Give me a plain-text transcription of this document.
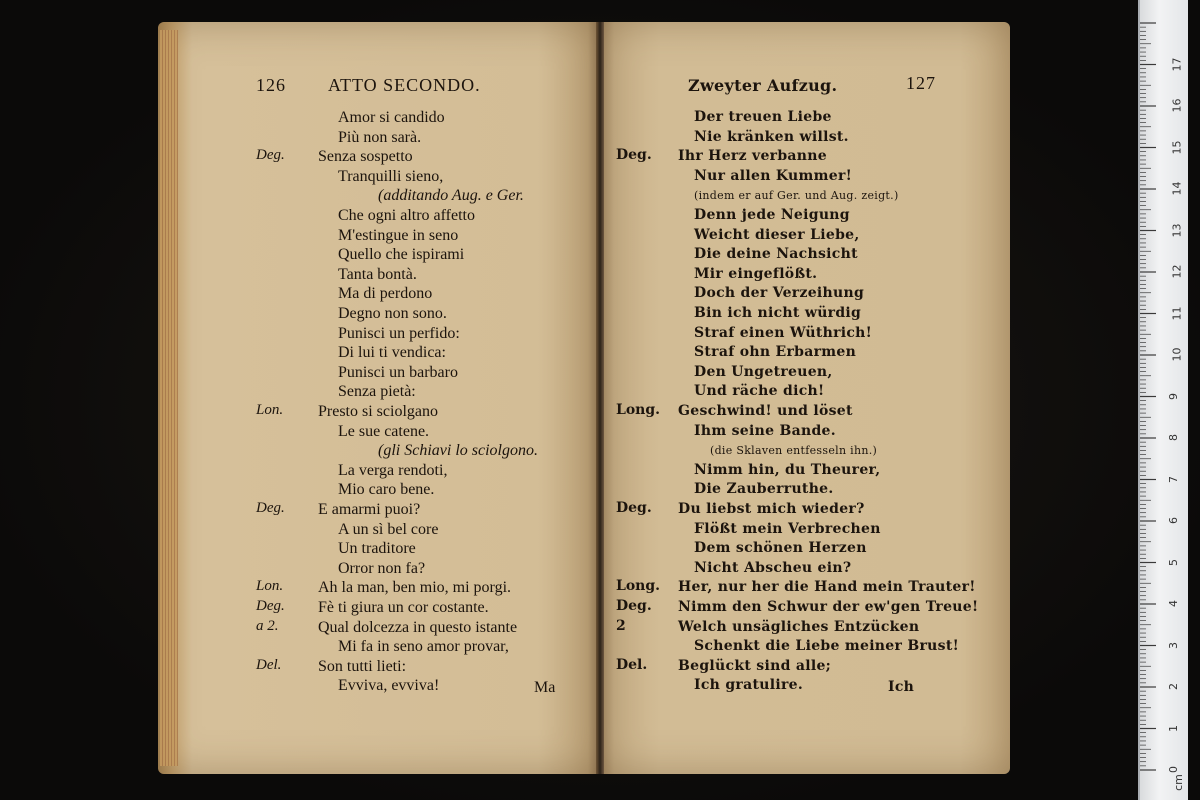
126 ATTO SECONDO.
Ma
Amor si candido
Più non sarà.
Deg. Senza sospetto
Tranquilli sieno,
(additando Aug. e Ger.
Che ogni altro affetto
M'estingue in seno
Quello che ispirami
Tanta bontà.
Ma di perdono
Degno non sono.
Punisci un perfido:
Di lui ti vendica:
Punisci un barbaro
Senza pietà:
Lon. Presto si sciolgano
Le sue catene.
(gli Schiavi lo sciolgono.
La verga rendoti,
Mio caro bene.
Deg. E amarmi puoi?
A un sì bel core
Un traditore
Orror non fa?
Lon. Ah la man, ben mio, mi porgi.
Deg. Fè ti giura un cor costante.
a 2. Qual dolcezza in questo istante
Mi fa in seno amor provar,
Del. Son tutti lieti:
Evviva, evviva!
Zweyter Aufzug.	127
Ich
Der treuen Liebe
Nie kränken willst.
Deg. Ihr Herz verbanne
Nur allen Kummer!
(indem er auf Ger. und Aug. zeigt.)
Denn jede Neigung
Weicht dieser Liebe,
Die deine Nachsicht
Mir eingeflößt.
Doch der Verzeihung
Bin ich nicht würdig
Straf einen Wüthrich!
Straf ohn Erbarmen
Den Ungetreuen,
Und räche dich!
Long. Geschwind! und löset
Ihm seine Bande.
(die Sklaven entfesseln ihn.)
Nimm hin, du Theurer,
Die Zauberruthe.
Deg. Du liebst mich wieder?
Flößt mein Verbrechen
Dem schönen Herzen
Nicht Abscheu ein?
Long. Her, nur her die Hand mein Trauter!
Deg. Nimm den Schwur der ew'gen Treue!
2	Welch unsägliches Entzücken
Schenkt die Liebe meiner Brust!
Del. Beglückt sind alle;
Ich gratulire.
0
1
2
3
4
5
6
7
8
9
10
11
12
13
14
15
16
17
cm
